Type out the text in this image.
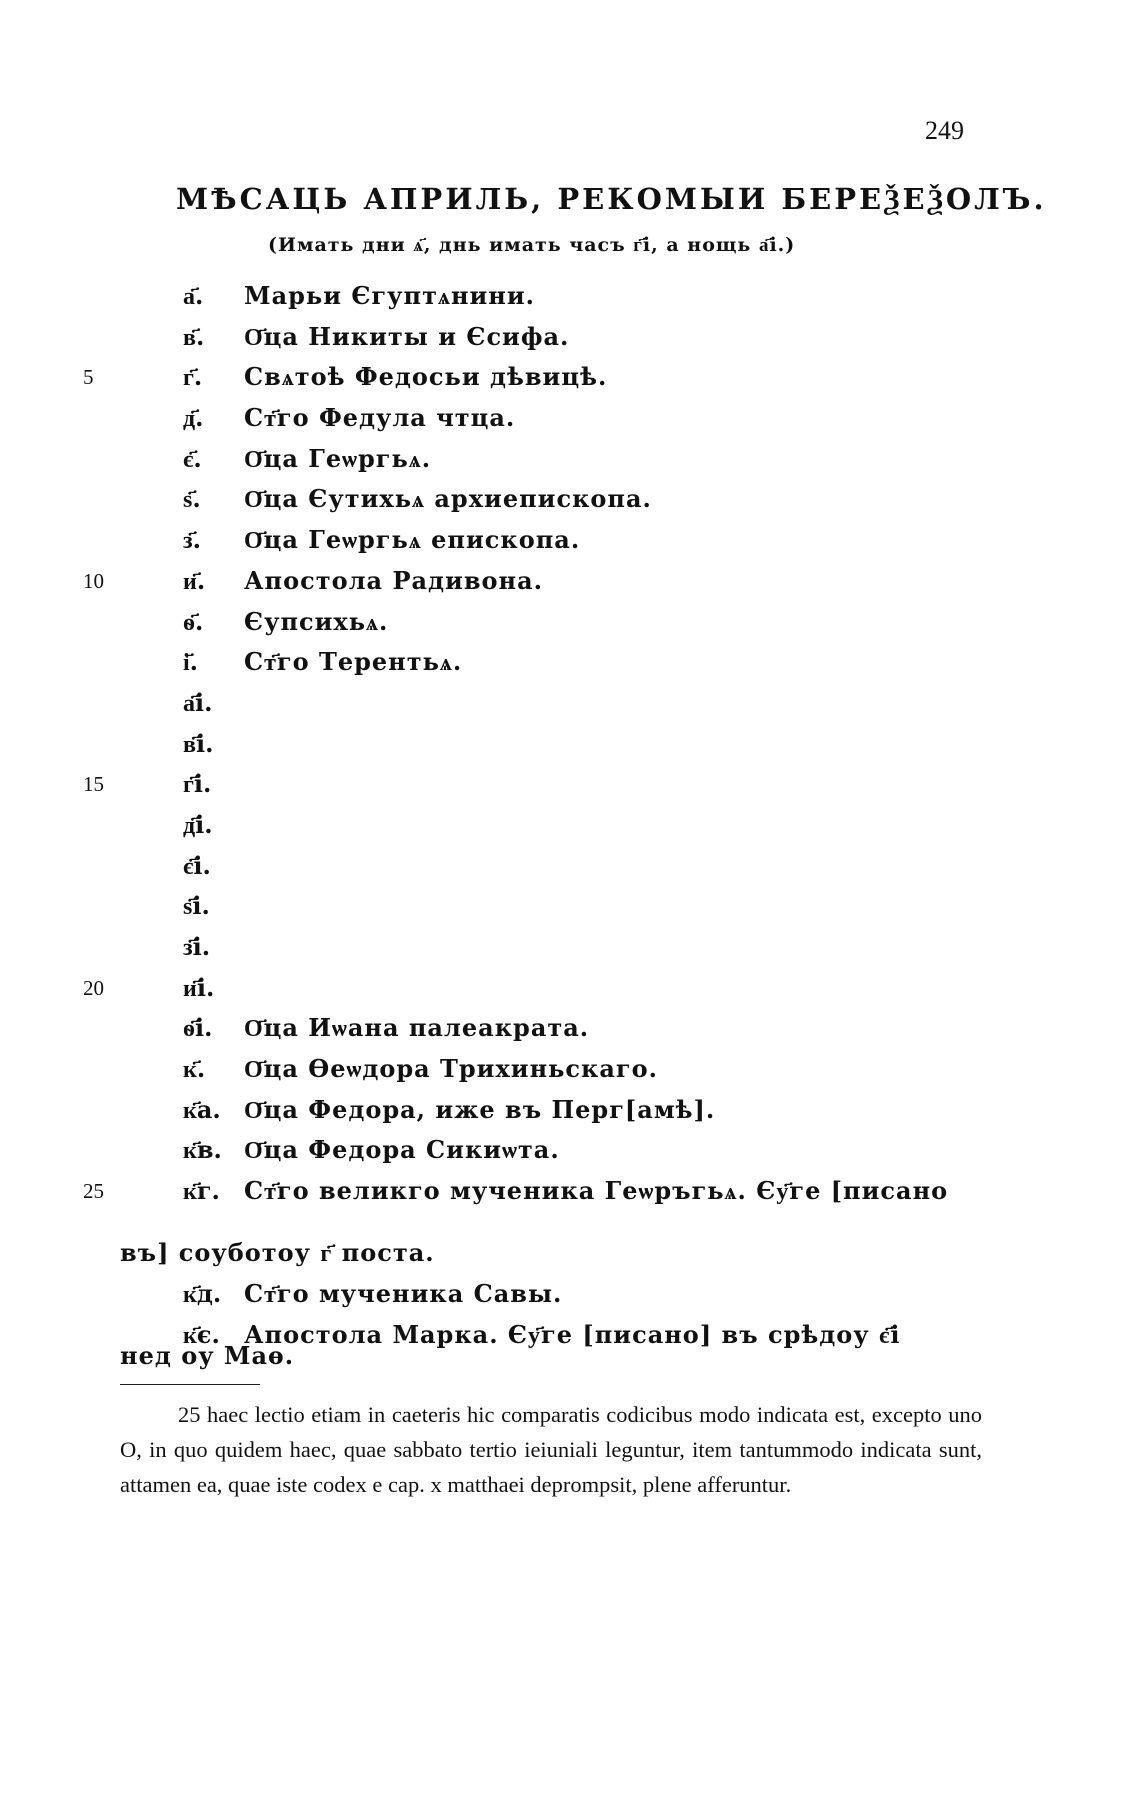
249
МѢСАЦЬ АПРИЛЬ, РЕКОМЫИ БЕРЕѮЕѮОЛЪ.
(Имать дни ѧ҃, днь имать часъ г҃і, а нощь а҃і.)
а҃. Марьи Єгуптѧнини.
в҃. О҃ца Никиты и Єсифа.
5	г҃. Свѧтоѣ Федосьи дѣвицѣ.
д҃. Ст҃го Федула чтца.
є҃. О҃ца Геѡргьѧ.
ѕ҃. О҃ца Єутихьѧ архиепископа.
з҃. О҃ца Геѡргьѧ епископа.
10	и҃. Апостола Радивона.
ѳ҃. Єупсихьѧ.
і҃. Ст҃го Терентьѧ.
а҃і.
в҃і.
15	г҃і.
д҃і.
є҃і.
ѕ҃і.
з҃і.
20	и҃і.
ѳ҃і. О҃ца Иѡана палеакрата.
к҃. О҃ца Ѳеѡдора Трихиньскаго.
к҃а. О҃ца Федора, иже въ Перг[амѣ].
к҃в. О҃ца Федора Сикиѡта.
25	к҃г. Ст҃го великго мученика Геѡръгьѧ. Єу҃ге [писано
въ] соуботоу г҃ поста.
к҃д. Ст҃го мученика Савы.
к҃є. Апостола Марка. Єу҃ге [писано] въ срѣдоу є҃і
нед оу Маѳ.

25 haec lectio etiam in caeteris hic comparatis codicibus modo indicata est, excepto uno O, in quo quidem haec, quae sabbato tertio ieiuniali leguntur, item tantummodo indicata sunt, attamen ea, quae iste codex e cap. x matthaei deprompsit, plene afferuntur.
